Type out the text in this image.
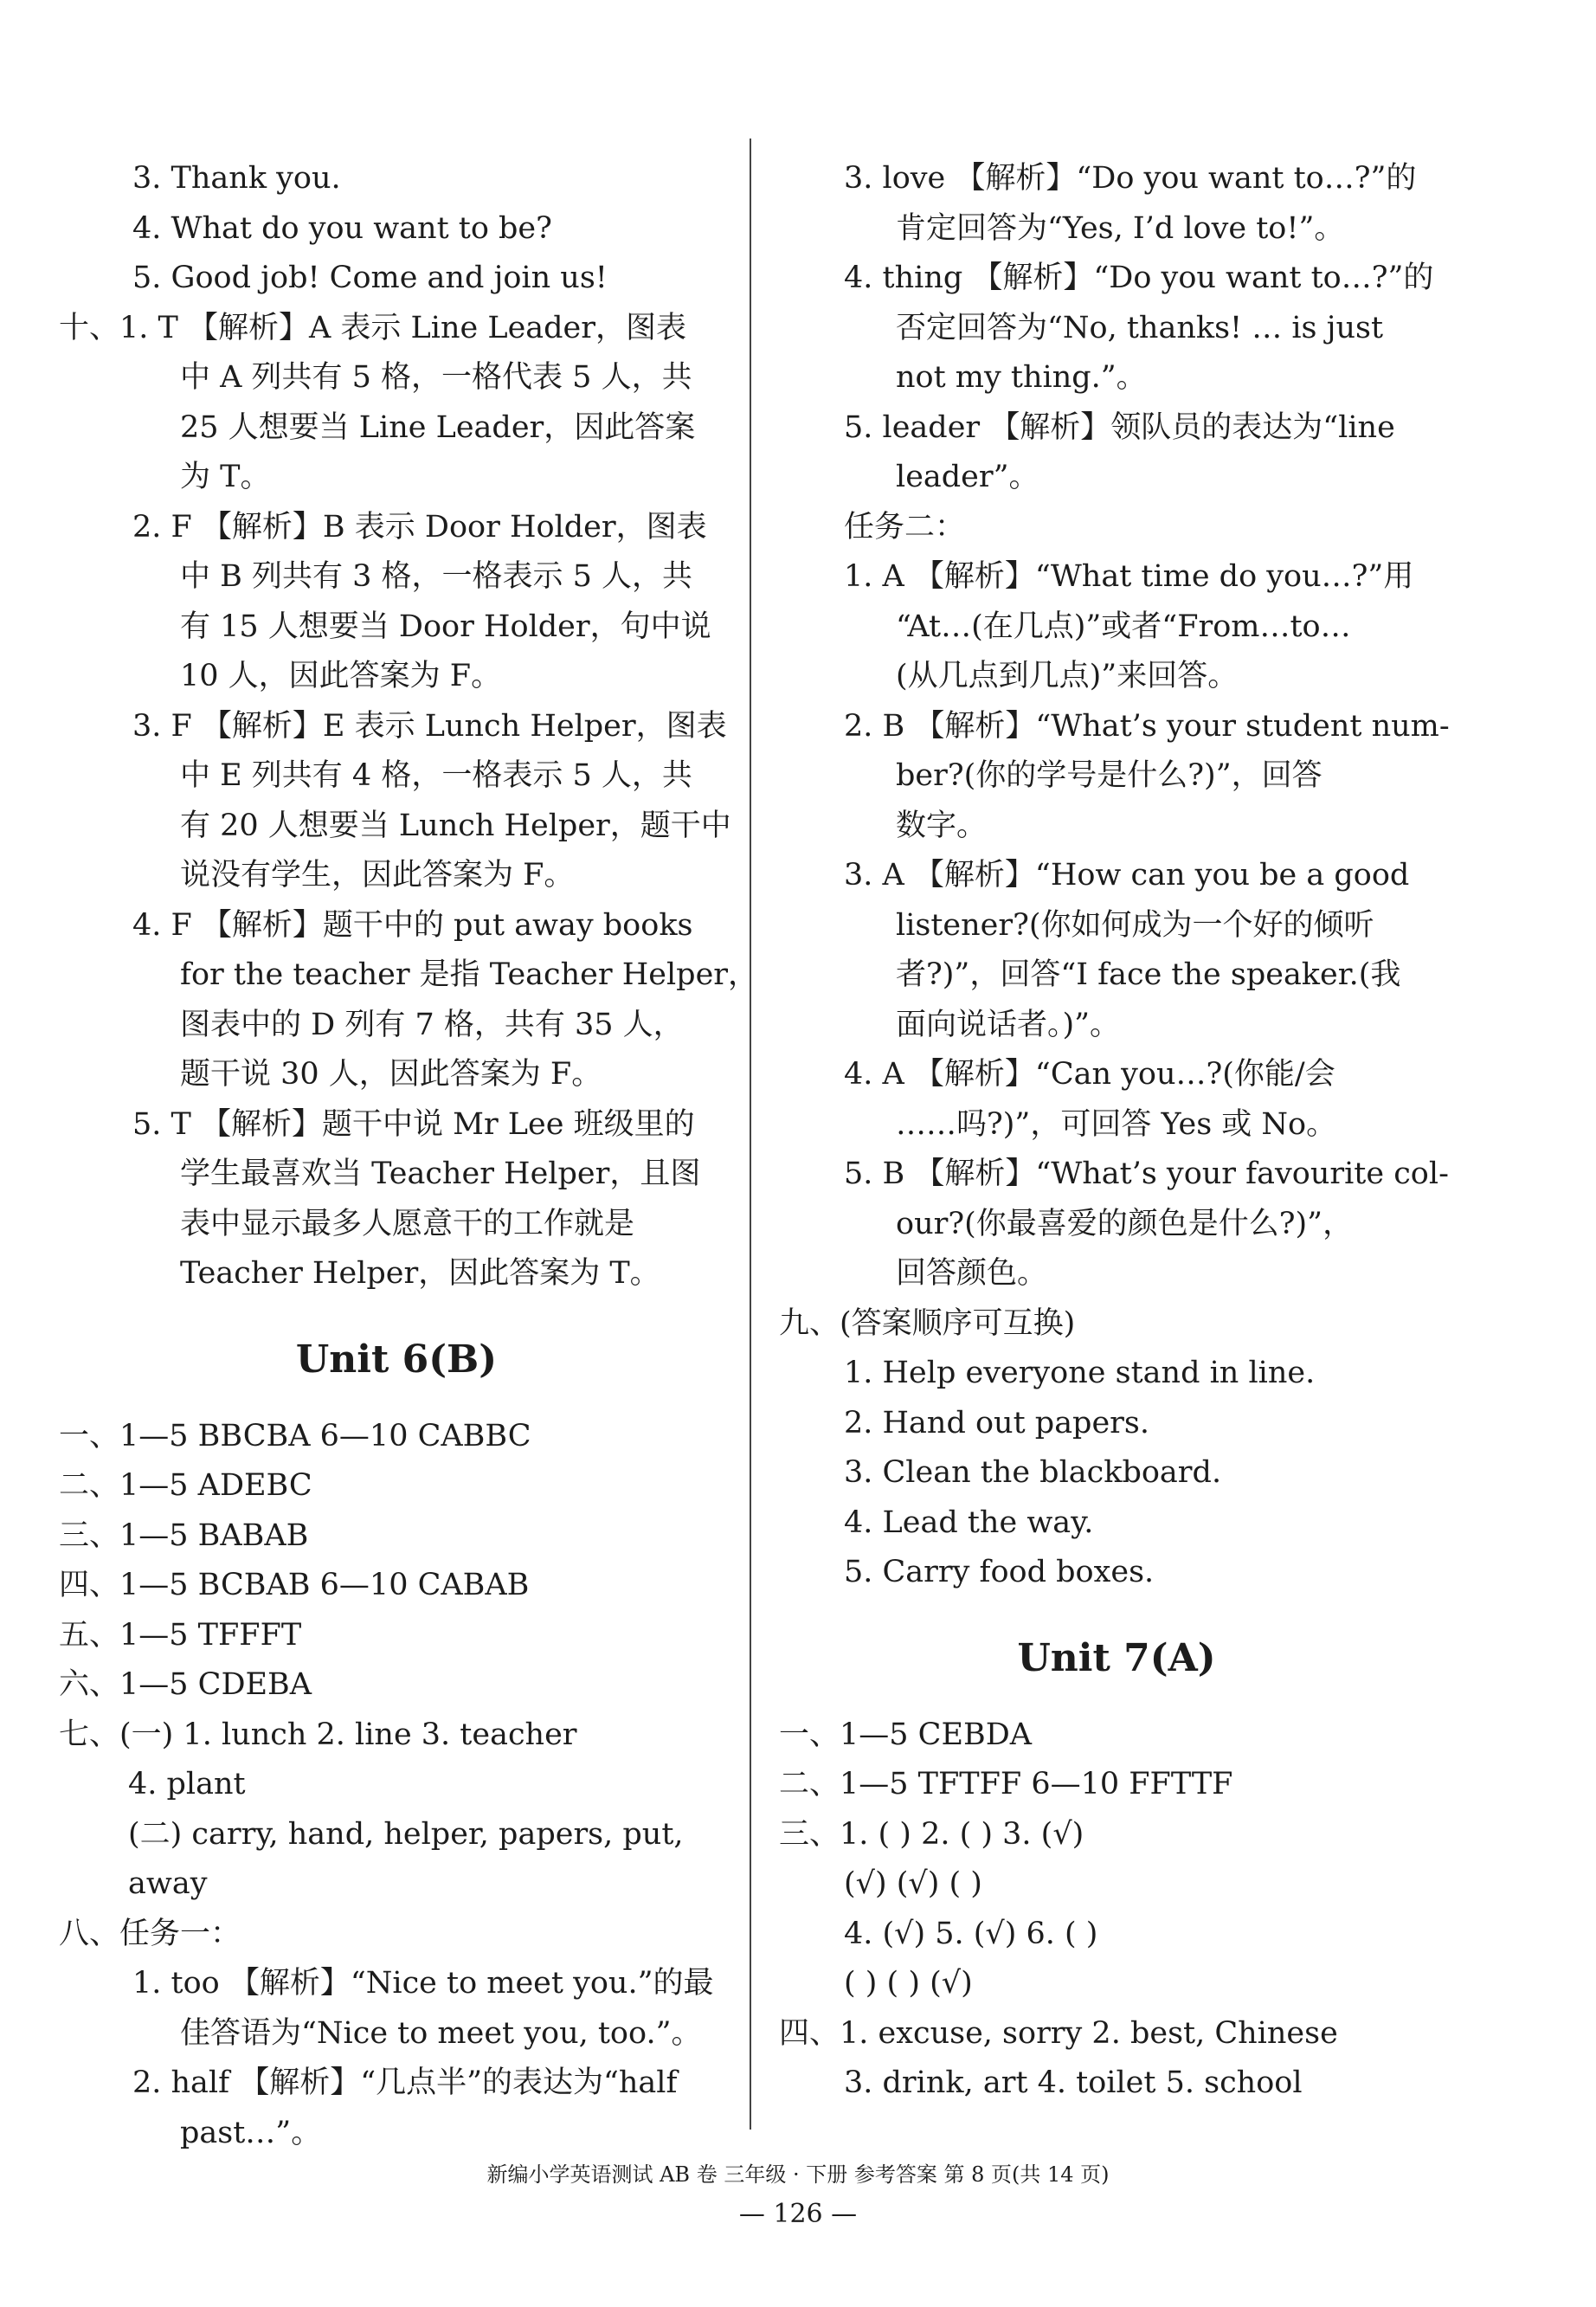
3. Thank you.
4. What do you want to be?
5. Good job! Come and join us!
十、1. T 【解析】A 表示 Line Leader，图表
中 A 列共有 5 格，一格代表 5 人，共
25 人想要当 Line Leader，因此答案
为 T。
2. F 【解析】B 表示 Door Holder，图表
中 B 列共有 3 格，一格表示 5 人，共
有 15 人想要当 Door Holder，句中说
10 人，因此答案为 F。
3. F 【解析】E 表示 Lunch Helper，图表
中 E 列共有 4 格，一格表示 5 人，共
有 20 人想要当 Lunch Helper，题干中
说没有学生，因此答案为 F。
4. F 【解析】题干中的 put away books
for the teacher 是指 Teacher Helper，
图表中的 D 列有 7 格，共有 35 人，
题干说 30 人，因此答案为 F。
5. T 【解析】题干中说 Mr Lee 班级里的
学生最喜欢当 Teacher Helper，且图
表中显示最多人愿意干的工作就是
Teacher Helper，因此答案为 T。
Unit 6(B)
一、1—5 BBCBA 6—10 CABBC
二、1—5 ADEBC
三、1—5 BABAB
四、1—5 BCBAB 6—10 CABAB
五、1—5 TFFFT
六、1—5 CDEBA
七、(一) 1. lunch 2. line 3. teacher
4. plant
(二) carry, hand, helper, papers, put,
away
八、任务一：
1. too 【解析】“Nice to meet you.”的最
佳答语为“Nice to meet you, too.”。
2. half 【解析】“几点半”的表达为“half
past…”。
3. love 【解析】“Do you want to…?”的
肯定回答为“Yes, I’d love to!”。
4. thing 【解析】“Do you want to…?”的
否定回答为“No, thanks! … is just
not my thing.”。
5. leader 【解析】领队员的表达为“line
leader”。
任务二：
1. A 【解析】“What time do you…?”用
“At…(在几点)”或者“From…to…
(从几点到几点)”来回答。
2. B 【解析】“What’s your student num-
ber?(你的学号是什么?)”，回答
数字。
3. A 【解析】“How can you be a good
listener?(你如何成为一个好的倾听
者?)”，回答“I face the speaker.(我
面向说话者。)”。
4. A 【解析】“Can you…?(你能/会
……吗?)”，可回答 Yes 或 No。
5. B 【解析】“What’s your favourite col-
our?(你最喜爱的颜色是什么?)”，
回答颜色。
九、(答案顺序可互换)
1. Help everyone stand in line.
2. Hand out papers.
3. Clean the blackboard.
4. Lead the way.
5. Carry food boxes.
Unit 7(A)
一、1—5 CEBDA
二、1—5 TFTFF 6—10 FFTTF
三、1. ( ) 2. ( ) 3. (√)
(√) (√) ( )
4. (√) 5. (√) 6. ( )
( ) ( ) (√)
四、1. excuse, sorry 2. best, Chinese
3. drink, art 4. toilet 5. school
新编小学英语测试 AB 卷 三年级 · 下册 参考答案 第 8 页(共 14 页)
— 126 —
